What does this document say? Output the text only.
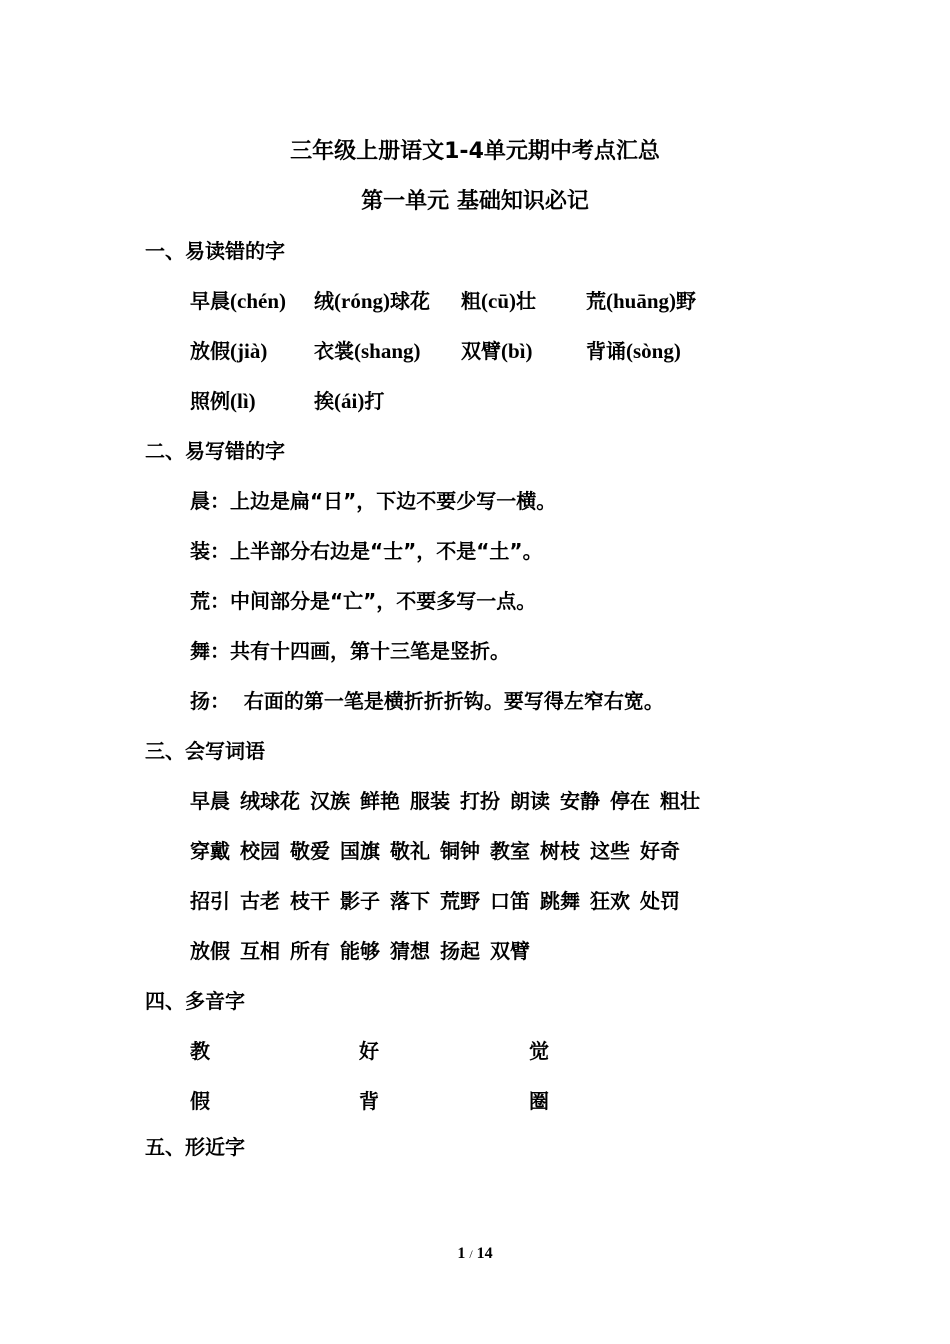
三年级上册语文1-4单元期中考点汇总
第一单元 基础知识必记
一、易读错的字
早晨(chén) 绒(róng)球花 粗(cū)壮	荒(huāng)野
放假(jià) 衣裳(shang) 双臂(bì)	背诵(sòng)
照例(lì)	挨(ái)打
二、易写错的字
晨：上边是扁“日”，下边不要少写一横。
装：上半部分右边是“士”，不是“土”。
荒：中间部分是“亡”，不要多写一点。
舞：共有十四画，第十三笔是竖折。
扬：  右面的第一笔是横折折折钩。要写得左窄右宽。
三、会写词语
早晨 绒球花 汉族 鲜艳 服装 打扮 朗读 安静 停在 粗壮
穿戴 校园 敬爱 国旗 敬礼 铜钟 教室 树枝 这些 好奇
招引 古老 枝干 影子 落下 荒野 口笛 跳舞 狂欢 处罚
放假 互相 所有 能够 猜想 扬起 双臂
四、多音字
教	好	觉
假	背	圈
五、形近字
1 / 14
